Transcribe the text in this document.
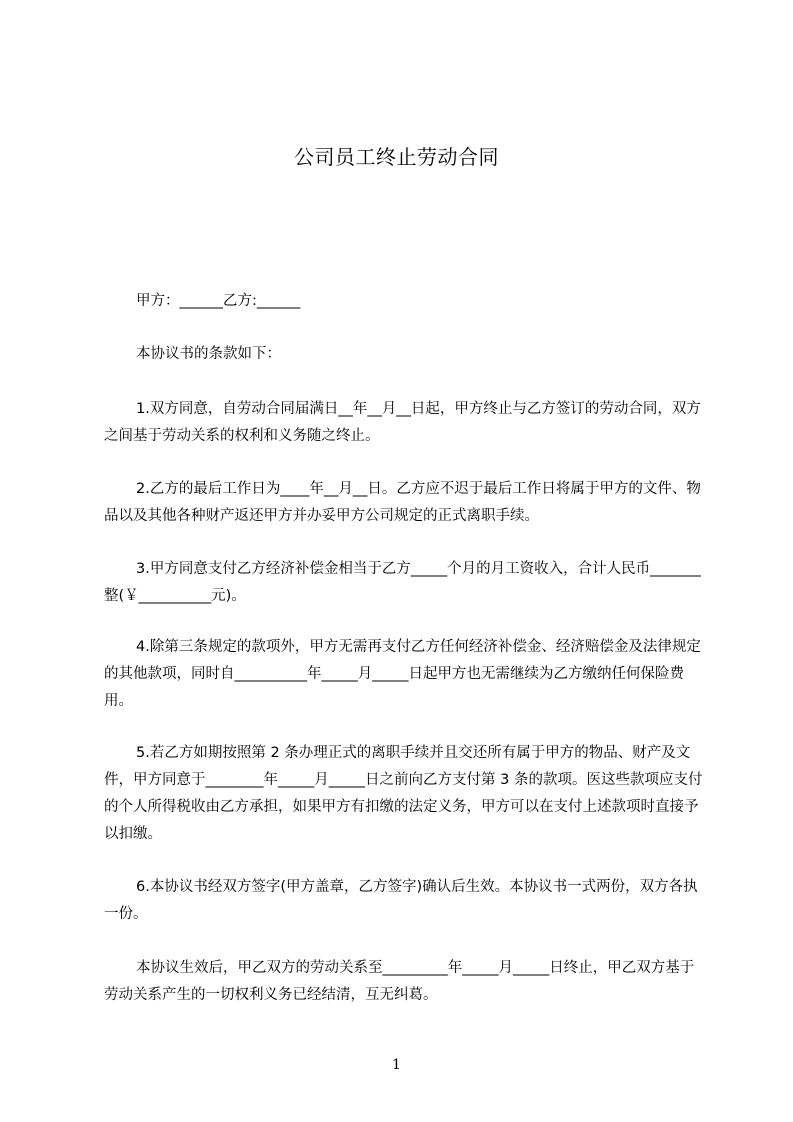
公司员工终止劳动合同

甲方：______乙方:______

本协议书的条款如下：

1.双方同意，自劳动合同届满日__年__月__日起，甲方终止与乙方签订的劳动合同，双方之间基于劳动关系的权利和义务随之终止。

2.乙方的最后工作日为____年__月__日。乙方应不迟于最后工作日将属于甲方的文件、物品以及其他各种财产返还甲方并办妥甲方公司规定的正式离职手续。

3.甲方同意支付乙方经济补偿金相当于乙方_____个月的月工资收入，合计人民币_______整(￥__________元)。

4.除第三条规定的款项外，甲方无需再支付乙方任何经济补偿金、经济赔偿金及法律规定的其他款项，同时自__________年_____月_____日起甲方也无需继续为乙方缴纳任何保险费用。

5.若乙方如期按照第 2 条办理正式的离职手续并且交还所有属于甲方的物品、财产及文件，甲方同意于________年_____月_____日之前向乙方支付第 3 条的款项。医这些款项应支付的个人所得税收由乙方承担，如果甲方有扣缴的法定义务，甲方可以在支付上述款项时直接予以扣缴。

6.本协议书经双方签字(甲方盖章，乙方签字)确认后生效。本协议书一式两份，双方各执一份。

本协议生效后，甲乙双方的劳动关系至_________年_____月_____日终止，甲乙双方基于劳动关系产生的一切权利义务已经结清，互无纠葛。

1
